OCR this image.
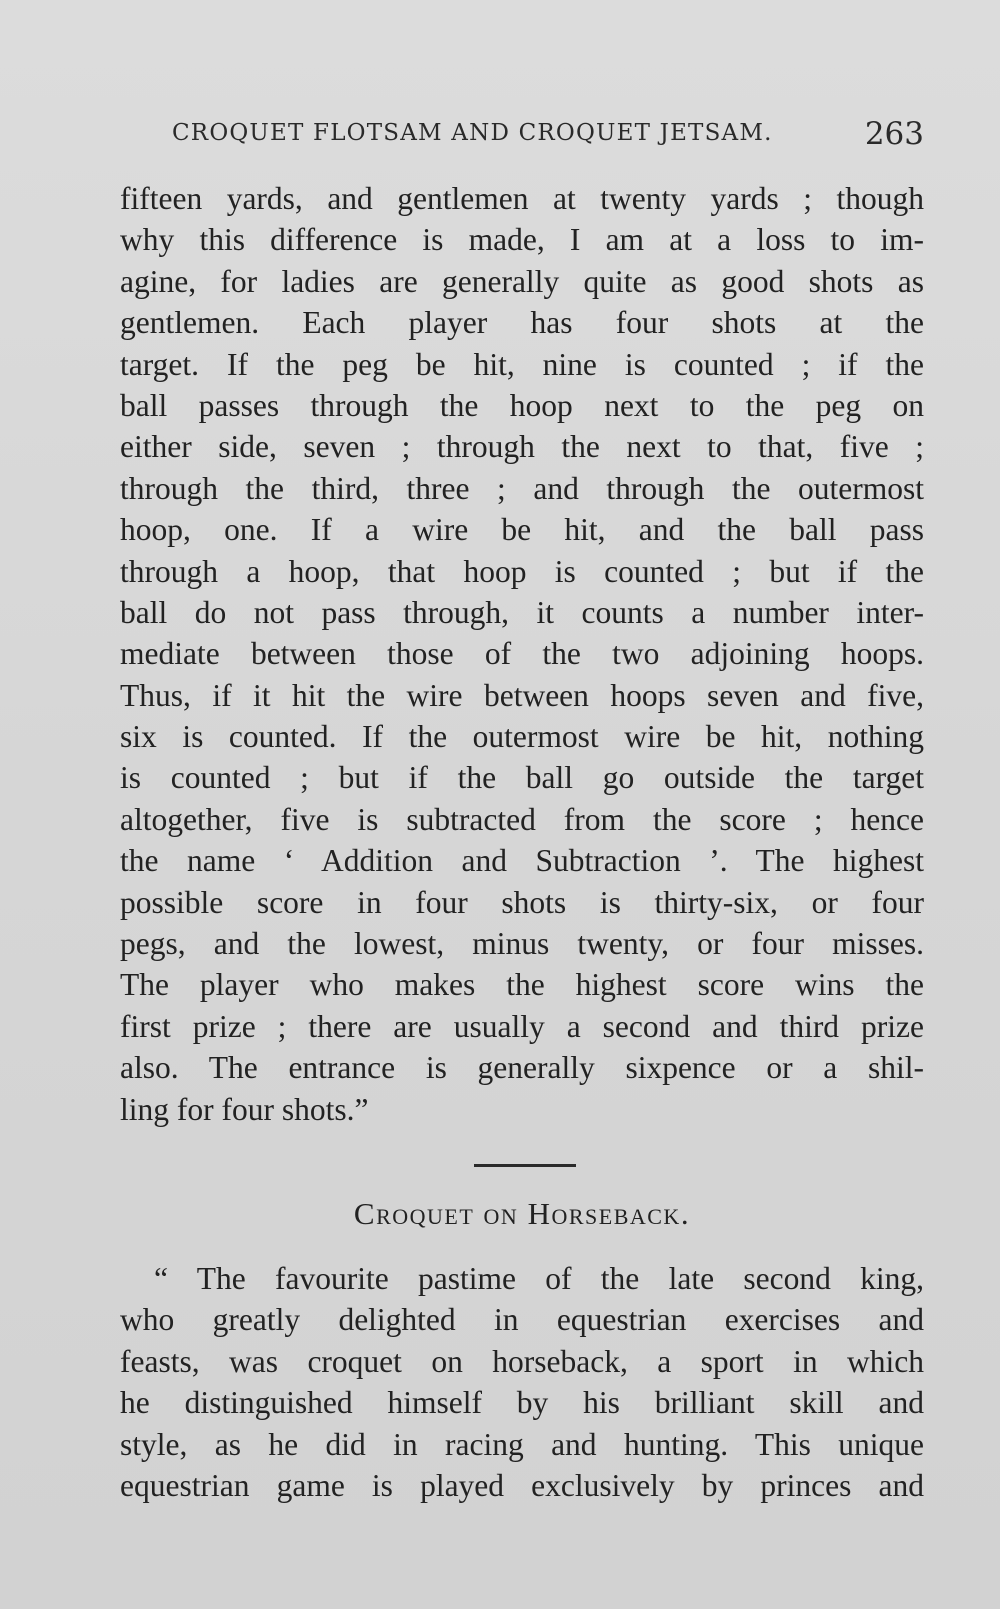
CROQUET FLOTSAM AND CROQUET JETSAM.	263
fifteen yards, and gentlemen at twenty yards ; though
why this difference is made, I am at a loss to im-
agine, for ladies are generally quite as good shots as
gentlemen. Each player has four shots at the
target. If the peg be hit, nine is counted ; if the
ball passes through the hoop next to the peg on
either side, seven ; through the next to that, five ;
through the third, three ; and through the outermost
hoop, one. If a wire be hit, and the ball pass
through a hoop, that hoop is counted ; but if the
ball do not pass through, it counts a number inter-
mediate between those of the two adjoining hoops.
Thus, if it hit the wire between hoops seven and five,
six is counted. If the outermost wire be hit, nothing
is counted ; but if the ball go outside the target
altogether, five is subtracted from the score ; hence
the name ‘ Addition and Subtraction ’. The highest
possible score in four shots is thirty-six, or four
pegs, and the lowest, minus twenty, or four misses.
The player who makes the highest score wins the
first prize ; there are usually a second and third prize
also. The entrance is generally sixpence or a shil-
ling for four shots.”
Croquet on Horseback.
“ The favourite pastime of the late second king,
who greatly delighted in equestrian exercises and
feasts, was croquet on horseback, a sport in which
he distinguished himself by his brilliant skill and
style, as he did in racing and hunting. This unique
equestrian game is played exclusively by princes and
